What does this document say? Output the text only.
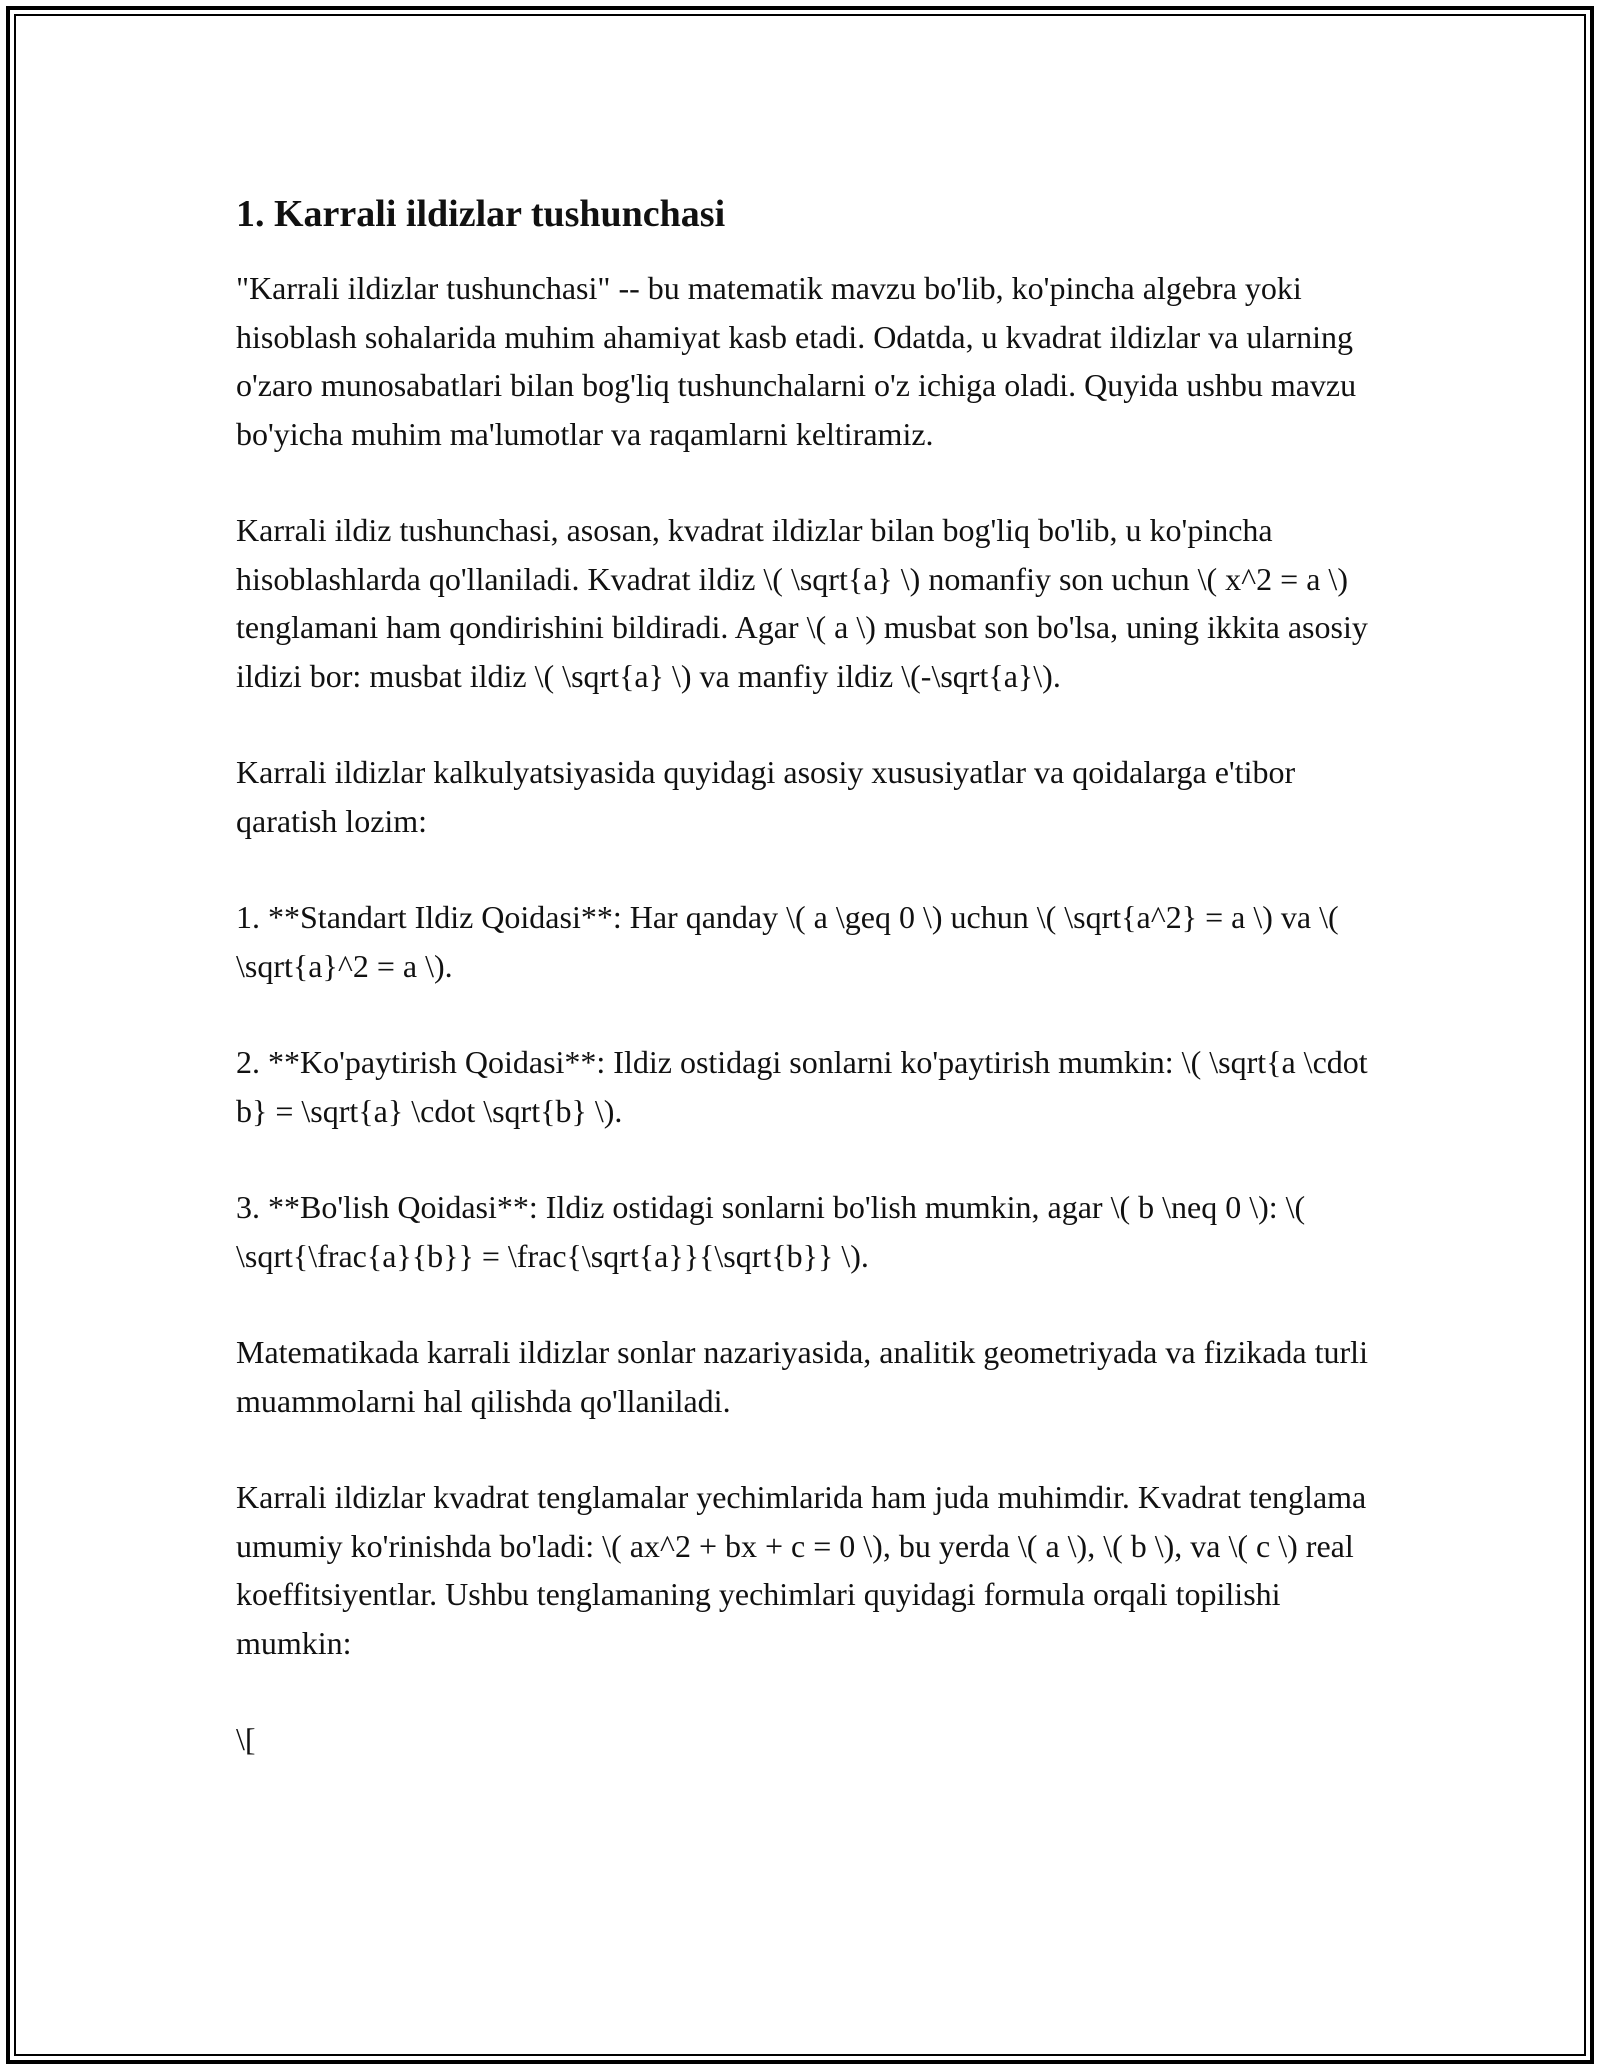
1. Karrali ildizlar tushunchasi

"Karrali ildizlar tushunchasi" -- bu matematik mavzu bo'lib, ko'pincha algebra yoki hisoblash sohalarida muhim ahamiyat kasb etadi. Odatda, u kvadrat ildizlar va ularning o'zaro munosabatlari bilan bog'liq tushunchalarni o'z ichiga oladi. Quyida ushbu mavzu bo'yicha muhim ma'lumotlar va raqamlarni keltiramiz.

Karrali ildiz tushunchasi, asosan, kvadrat ildizlar bilan bog'liq bo'lib, u ko'pincha hisoblashlarda qo'llaniladi. Kvadrat ildiz \( \sqrt{a} \) nomanfiy son uchun \( x^2 = a \) tenglamani ham qondirishini bildiradi. Agar \( a \) musbat son bo'lsa, uning ikkita asosiy ildizi bor: musbat ildiz \( \sqrt{a} \) va manfiy ildiz \(-\sqrt{a}\).

Karrali ildizlar kalkulyatsiyasida quyidagi asosiy xususiyatlar va qoidalarga e'tibor qaratish lozim:

1. **Standart Ildiz Qoidasi**: Har qanday \( a \geq 0 \) uchun \( \sqrt{a^2} = a \) va \( \sqrt{a}^2 = a \).

2. **Ko'paytirish Qoidasi**: Ildiz ostidagi sonlarni ko'paytirish mumkin: \( \sqrt{a \cdot b} = \sqrt{a} \cdot \sqrt{b} \).

3. **Bo'lish Qoidasi**: Ildiz ostidagi sonlarni bo'lish mumkin, agar \( b \neq 0 \): \( \sqrt{\frac{a}{b}} = \frac{\sqrt{a}}{\sqrt{b}} \).

Matematikada karrali ildizlar sonlar nazariyasida, analitik geometriyada va fizikada turli muammolarni hal qilishda qo'llaniladi.

Karrali ildizlar kvadrat tenglamalar yechimlarida ham juda muhimdir. Kvadrat tenglama umumiy ko'rinishda bo'ladi: \( ax^2 + bx + c = 0 \), bu yerda \( a \), \( b \), va \( c \) real koeffitsiyentlar. Ushbu tenglamaning yechimlari quyidagi formula orqali topilishi mumkin:

\[
